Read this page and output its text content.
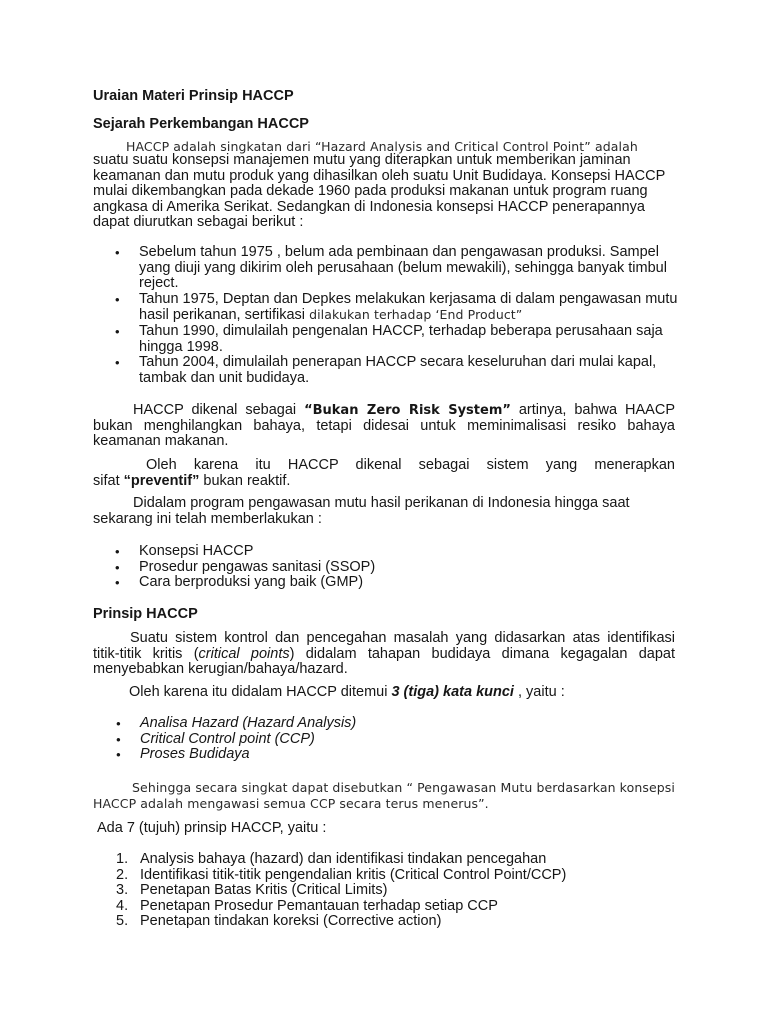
Uraian Materi Prinsip HACCP
Sejarah Perkembangan HACCP
HACCP adalah singkatan dari “Hazard Analysis and Critical Control Point” adalah
suatu suatu konsepsi manajemen mutu yang diterapkan untuk memberikan jaminan keamanan dan mutu produk yang dihasilkan oleh suatu Unit Budidaya. Konsepsi HACCP mulai dikembangkan pada dekade 1960 pada produksi makanan untuk program ruang angkasa di Amerika Serikat. Sedangkan di Indonesia konsepsi HACCP penerapannya dapat diurutkan sebagai berikut :
• Sebelum tahun 1975 , belum ada pembinaan dan pengawasan produksi. Sampel yang diuji yang dikirim oleh perusahaan (belum mewakili), sehingga banyak timbul reject.
• Tahun 1975, Deptan dan Depkes melakukan kerjasama di dalam pengawasan mutu
hasil perikanan, sertifikasi dilakukan terhadap ‘End Product”
• Tahun 1990, dimulailah pengenalan HACCP, terhadap beberapa perusahaan saja hingga 1998.
• Tahun 2004, dimulailah penerapan HACCP secara keseluruhan dari mulai kapal, tambak dan unit budidaya.
HACCP dikenal sebagai “Bukan Zero Risk System” artinya, bahwa HAACP bukan menghilangkan bahaya, tetapi didesai untuk meminimalisasi resiko bahaya keamanan makanan.
Oleh karena itu HACCP dikenal sebagai sistem yang menerapkan
sifat “preventif” bukan reaktif.
Didalam program pengawasan mutu hasil perikanan di Indonesia hingga saat sekarang ini telah memberlakukan :
• Konsepsi HACCP
• Prosedur pengawas sanitasi (SSOP)
• Cara berproduksi yang baik (GMP)
Prinsip HACCP
Suatu sistem kontrol dan pencegahan masalah yang didasarkan atas identifikasi titik-titik kritis (critical points) didalam tahapan budidaya dimana kegagalan dapat menyebabkan kerugian/bahaya/hazard.
Oleh karena itu didalam HACCP ditemui 3 (tiga) kata kunci , yaitu :
• Analisa Hazard (Hazard Analysis)
• Critical Control point (CCP)
• Proses Budidaya
Sehingga secara singkat dapat disebutkan “ Pengawasan Mutu berdasarkan konsepsi HACCP adalah mengawasi semua CCP secara terus menerus”.
Ada 7 (tujuh) prinsip HACCP, yaitu :
1. Analysis bahaya (hazard) dan identifikasi tindakan pencegahan
2. Identifikasi titik-titik pengendalian kritis (Critical Control Point/CCP)
3. Penetapan Batas Kritis (Critical Limits)
4. Penetapan Prosedur Pemantauan terhadap setiap CCP
5. Penetapan tindakan koreksi (Corrective action)
